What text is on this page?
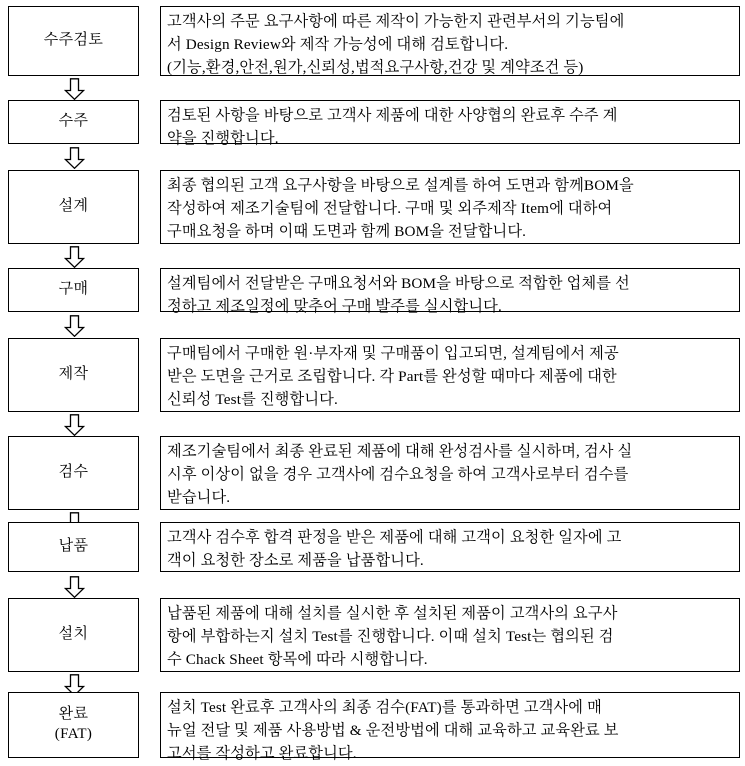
수주검토
고객사의 주문 요구사항에 따른 제작이 가능한지 관련부서의 기능팀에
서 Design Review와 제작 가능성에 대해 검토합니다.
(기능,환경,안전,원가,신뢰성,법적요구사항,건강 및 계약조건 등)
수주	검토된 사항을 바탕으로 고객사 제품에 대한 사양협의 완료후 수주 계
약을 진행합니다.
설계
최종 협의된 고객 요구사항을 바탕으로 설계를 하여 도면과 함께BOM을
작성하여 제조기술팀에 전달합니다. 구매 및 외주제작 Item에 대하여
구매요청을 하며 이때 도면과 함께 BOM을 전달합니다.
구매	설계팀에서 전달받은 구매요청서와 BOM을 바탕으로 적합한 업체를 선
정하고 제조일정에 맞추어 구매 발주를 실시합니다.
제작
구매팀에서 구매한 원·부자재 및 구매품이 입고되면, 설계팀에서 제공
받은 도면을 근거로 조립합니다. 각 Part를 완성할 때마다 제품에 대한
신뢰성 Test를 진행합니다.
검수
제조기술팀에서 최종 완료된 제품에 대해 완성검사를 실시하며, 검사 실
시후 이상이 없을 경우 고객사에 검수요청을 하여 고객사로부터 검수를
받습니다.
납품
고객사 검수후 합격 판정을 받은 제품에 대해 고객이 요청한 일자에 고
객이 요청한 장소로 제품을 납품합니다.
설치
납품된 제품에 대해 설치를 실시한 후 설치된 제품이 고객사의 요구사
항에 부합하는지 설치 Test를 진행합니다. 이때 설치 Test는 협의된 검
수 Chack Sheet 항목에 따라 시행합니다.
완료
(FAT)
설치 Test 완료후 고객사의 최종 검수(FAT)를 통과하면 고객사에 매
뉴얼 전달 및 제품 사용방법 & 운전방법에 대해 교육하고 교육완료 보
고서를 작성하고 완료합니다.
